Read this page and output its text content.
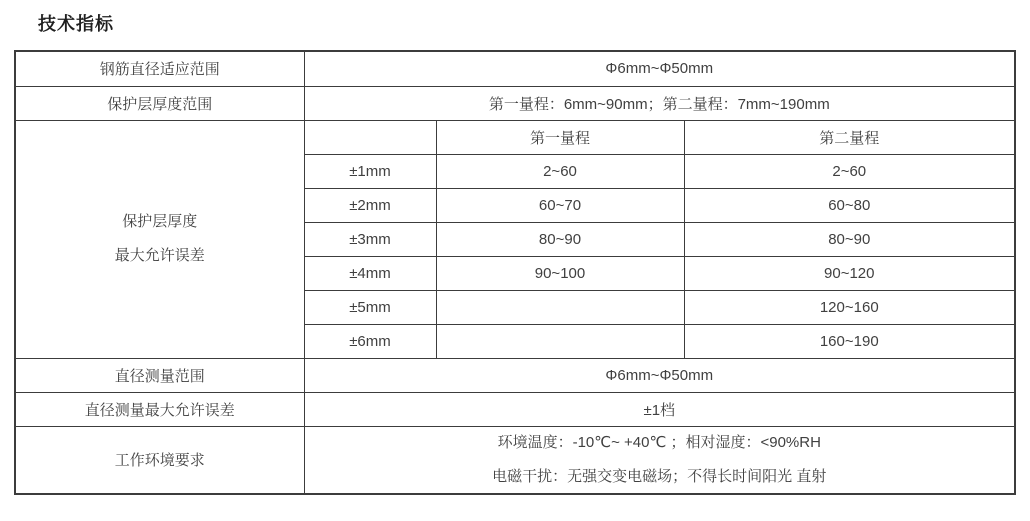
技术指标
钢筋直径适应范围	Φ6mm~Φ50mm		
保护层厚度范围	第一量程：6mm~90mm；第二量程：7mm~190mm		

保护层厚度
最大允许误差		第一量程	第二量程
	±1mm	2~60	2~60
	±2mm	60~70	60~80
	±3mm	80~90	80~90
	±4mm	90~100	90~120
	±5mm		120~160
	±6mm		160~190
直径测量范围	Φ6mm~Φ50mm		
直径测量最大允许误差	±1档		
工作环境要求	环境温度：-10℃~ +40℃ ；相对湿度：<90%RH
电磁干扰：无强交变电磁场；不得长时间阳光 直射		
